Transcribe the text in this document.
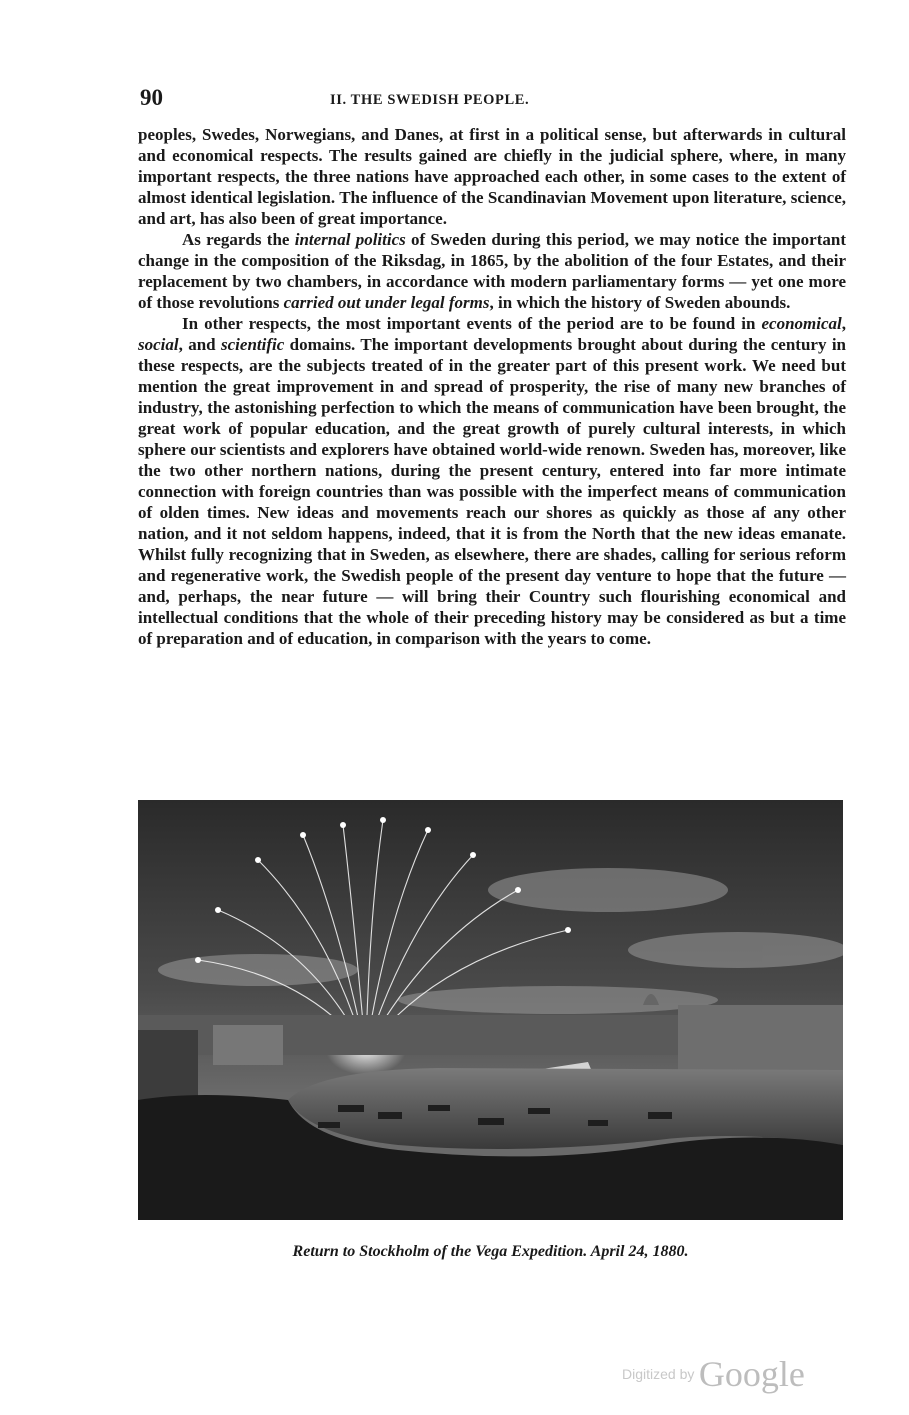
90	II. THE SWEDISH PEOPLE.

peoples, Swedes, Norwegians, and Danes, at first in a political sense, but afterwards in cultural and economical respects. The results gained are chiefly in the judicial sphere, where, in many important respects, the three nations have approached each other, in some cases to the extent of almost identical legislation. The influence of the Scandinavian Movement upon literature, science, and art, has also been of great importance.

As regards the internal politics of Sweden during this period, we may notice the important change in the composition of the Riksdag, in 1865, by the abolition of the four Estates, and their replacement by two chambers, in accordance with modern parliamentary forms — yet one more of those revolutions carried out under legal forms, in which the history of Sweden abounds.

In other respects, the most important events of the period are to be found in economical, social, and scientific domains. The important developments brought about during the century in these respects, are the subjects treated of in the greater part of this present work. We need but mention the great improvement in and spread of prosperity, the rise of many new branches of industry, the astonishing perfection to which the means of communication have been brought, the great work of popular education, and the great growth of purely cultural interests, in which sphere our scientists and explorers have obtained world-wide renown. Sweden has, moreover, like the two other northern nations, during the present century, entered into far more intimate connection with foreign countries than was possible with the imperfect means of communication of olden times. New ideas and movements reach our shores as quickly as those af any other nation, and it not seldom happens, indeed, that it is from the North that the new ideas emanate. Whilst fully recognizing that in Sweden, as elsewhere, there are shades, calling for serious reform and regenerative work, the Swedish people of the present day venture to hope that the future — and, perhaps, the near future — will bring their Country such flourishing economical and intellectual conditions that the whole of their preceding history may be considered as but a time of preparation and of education, in comparison with the years to come.

Return to Stockholm of the Vega Expedition. April 24, 1880.
Digitized by Google
